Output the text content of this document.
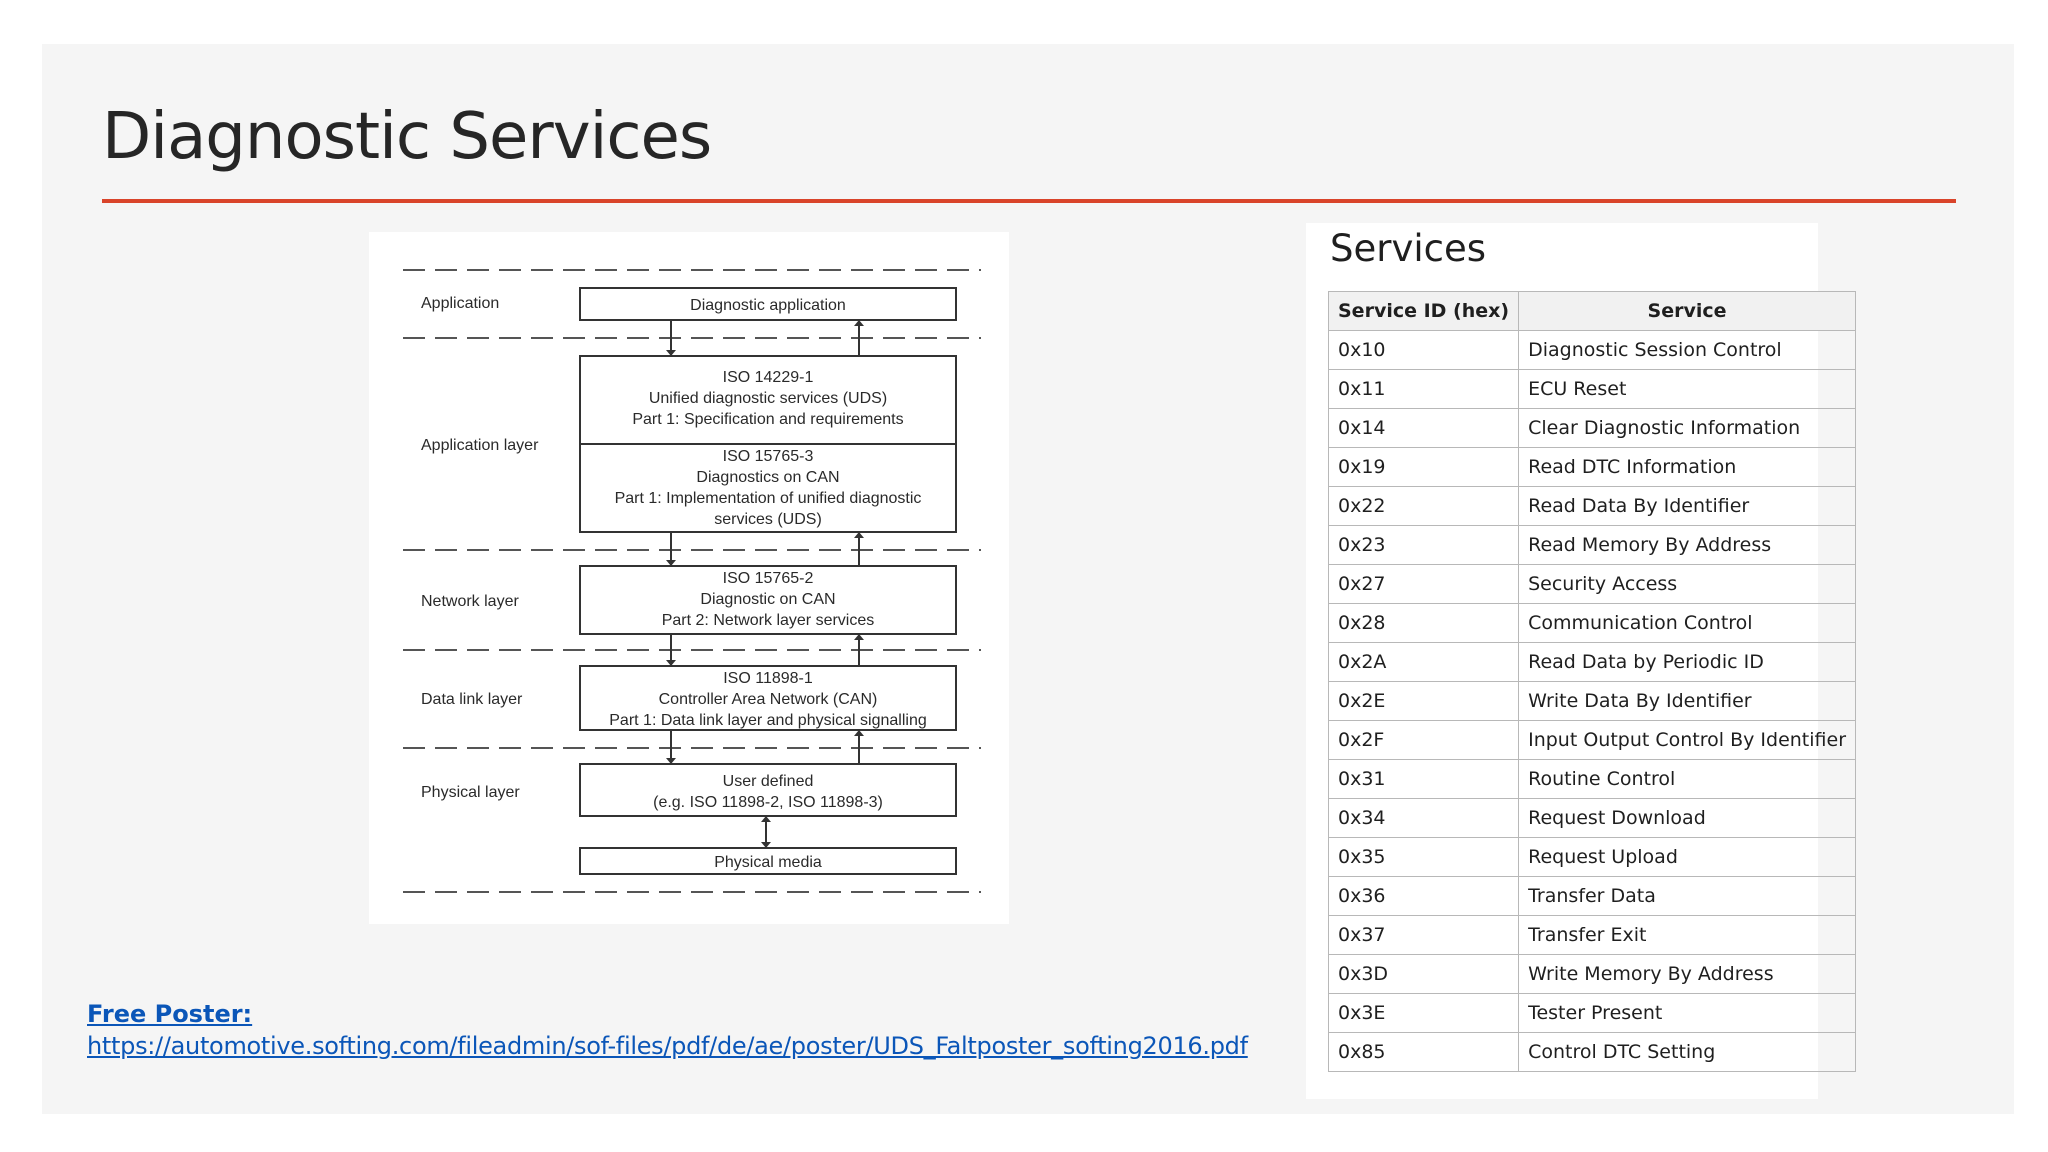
Diagnostic Services
Application
Application layer
Network layer
Data link layer
Physical layer
Diagnostic application
ISO 14229-1
Unified diagnostic services (UDS)
Part 1: Specification and requirements
ISO 15765-3
Diagnostics on CAN
Part 1: Implementation of unified diagnostic
services (UDS)
ISO 15765-2
Diagnostic on CAN
Part 2: Network layer services
ISO 11898-1
Controller Area Network (CAN)
Part 1: Data link layer and physical signalling
User defined
(e.g. ISO 11898-2, ISO 11898-3)
Physical media
Services
Service ID (hex)	Service
0x10	Diagnostic Session Control
0x11	ECU Reset
0x14	Clear Diagnostic Information
0x19	Read DTC Information
0x22	Read Data By Identifier
0x23	Read Memory By Address
0x27	Security Access
0x28	Communication Control
0x2A	Read Data by Periodic ID
0x2E	Write Data By Identifier
0x2F	Input Output Control By Identifier
0x31	Routine Control
0x34	Request Download
0x35	Request Upload
0x36	Transfer Data
0x37	Transfer Exit
0x3D	Write Memory By Address
0x3E	Tester Present
0x85	Control DTC Setting
Free Poster:
https://automotive.softing.com/fileadmin/sof-files/pdf/de/ae/poster/UDS_Faltposter_softing2016.pdf
